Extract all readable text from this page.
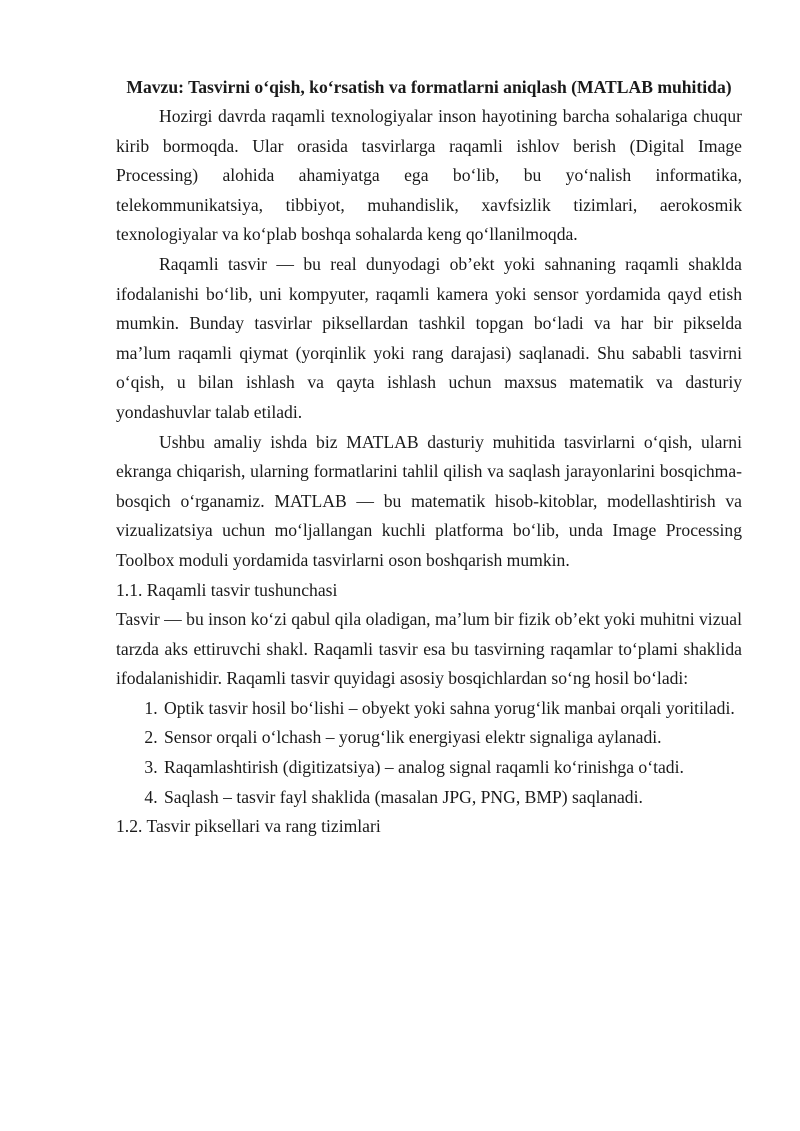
Mavzu: Tasvirni o‘qish, ko‘rsatish va formatlarni aniqlash (MATLAB muhitida)

Hozirgi davrda raqamli texnologiyalar inson hayotining barcha sohalariga chuqur kirib bormoqda. Ular orasida tasvirlarga raqamli ishlov berish (Digital Image Processing) alohida ahamiyatga ega bo‘lib, bu yo‘nalish informatika, telekommunikatsiya, tibbiyot, muhandislik, xavfsizlik tizimlari, aerokosmik texnologiyalar va ko‘plab boshqa sohalarda keng qo‘llanilmoqda.

Raqamli tasvir — bu real dunyodagi ob’ekt yoki sahnaning raqamli shaklda ifodalanishi bo‘lib, uni kompyuter, raqamli kamera yoki sensor yordamida qayd etish mumkin. Bunday tasvirlar piksellardan tashkil topgan bo‘ladi va har bir pikselda ma’lum raqamli qiymat (yorqinlik yoki rang darajasi) saqlanadi. Shu sababli tasvirni o‘qish, u bilan ishlash va qayta ishlash uchun maxsus matematik va dasturiy yondashuvlar talab etiladi.

Ushbu amaliy ishda biz MATLAB dasturiy muhitida tasvirlarni o‘qish, ularni ekranga chiqarish, ularning formatlarini tahlil qilish va saqlash jarayonlarini bosqichma-bosqich o‘rganamiz. MATLAB — bu matematik hisob-kitoblar, modellashtirish va vizualizatsiya uchun mo‘ljallangan kuchli platforma bo‘lib, unda Image Processing Toolbox moduli yordamida tasvirlarni oson boshqarish mumkin.

1.1. Raqamli tasvir tushunchasi

Tasvir — bu inson ko‘zi qabul qila oladigan, ma’lum bir fizik ob’ekt yoki muhitni vizual tarzda aks ettiruvchi shakl. Raqamli tasvir esa bu tasvirning raqamlar to‘plami shaklida ifodalanishidir. Raqamli tasvir quyidagi asosiy bosqichlardan so‘ng hosil bo‘ladi:

1. Optik tasvir hosil bo‘lishi – obyekt yoki sahna yorug‘lik manbai orqali yoritiladi.
2. Sensor orqali o‘lchash – yorug‘lik energiyasi elektr signaliga aylanadi.
3. Raqamlashtirish (digitizatsiya) – analog signal raqamli ko‘rinishga o‘tadi.
4. Saqlash – tasvir fayl shaklida (masalan JPG, PNG, BMP) saqlanadi.

1.2. Tasvir piksellari va rang tizimlari
